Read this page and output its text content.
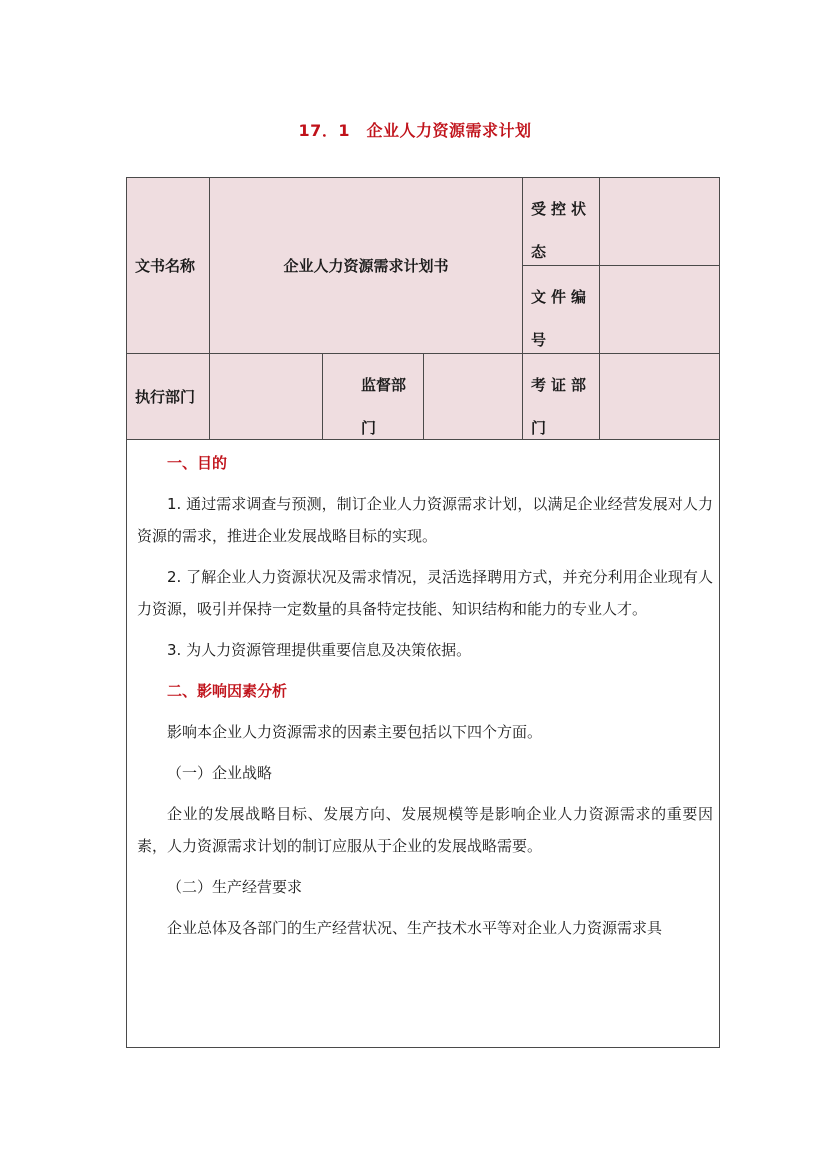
17．1　企业人力资源需求计划
文书名称	企业人力资源需求计划书
受控状态
文件编号
执行部门
监督部门
考证部门
一、目的

1. 通过需求调查与预测，制订企业人力资源需求计划，以满足企业经营发展对人力资源的需求，推进企业发展战略目标的实现。

2. 了解企业人力资源状况及需求情况，灵活选择聘用方式，并充分利用企业现有人力资源，吸引并保持一定数量的具备特定技能、知识结构和能力的专业人才。

3. 为人力资源管理提供重要信息及决策依据。

二、影响因素分析

影响本企业人力资源需求的因素主要包括以下四个方面。

（一）企业战略

企业的发展战略目标、发展方向、发展规模等是影响企业人力资源需求的重要因素，人力资源需求计划的制订应服从于企业的发展战略需要。

（二）生产经营要求

企业总体及各部门的生产经营状况、生产技术水平等对企业人力资源需求具
